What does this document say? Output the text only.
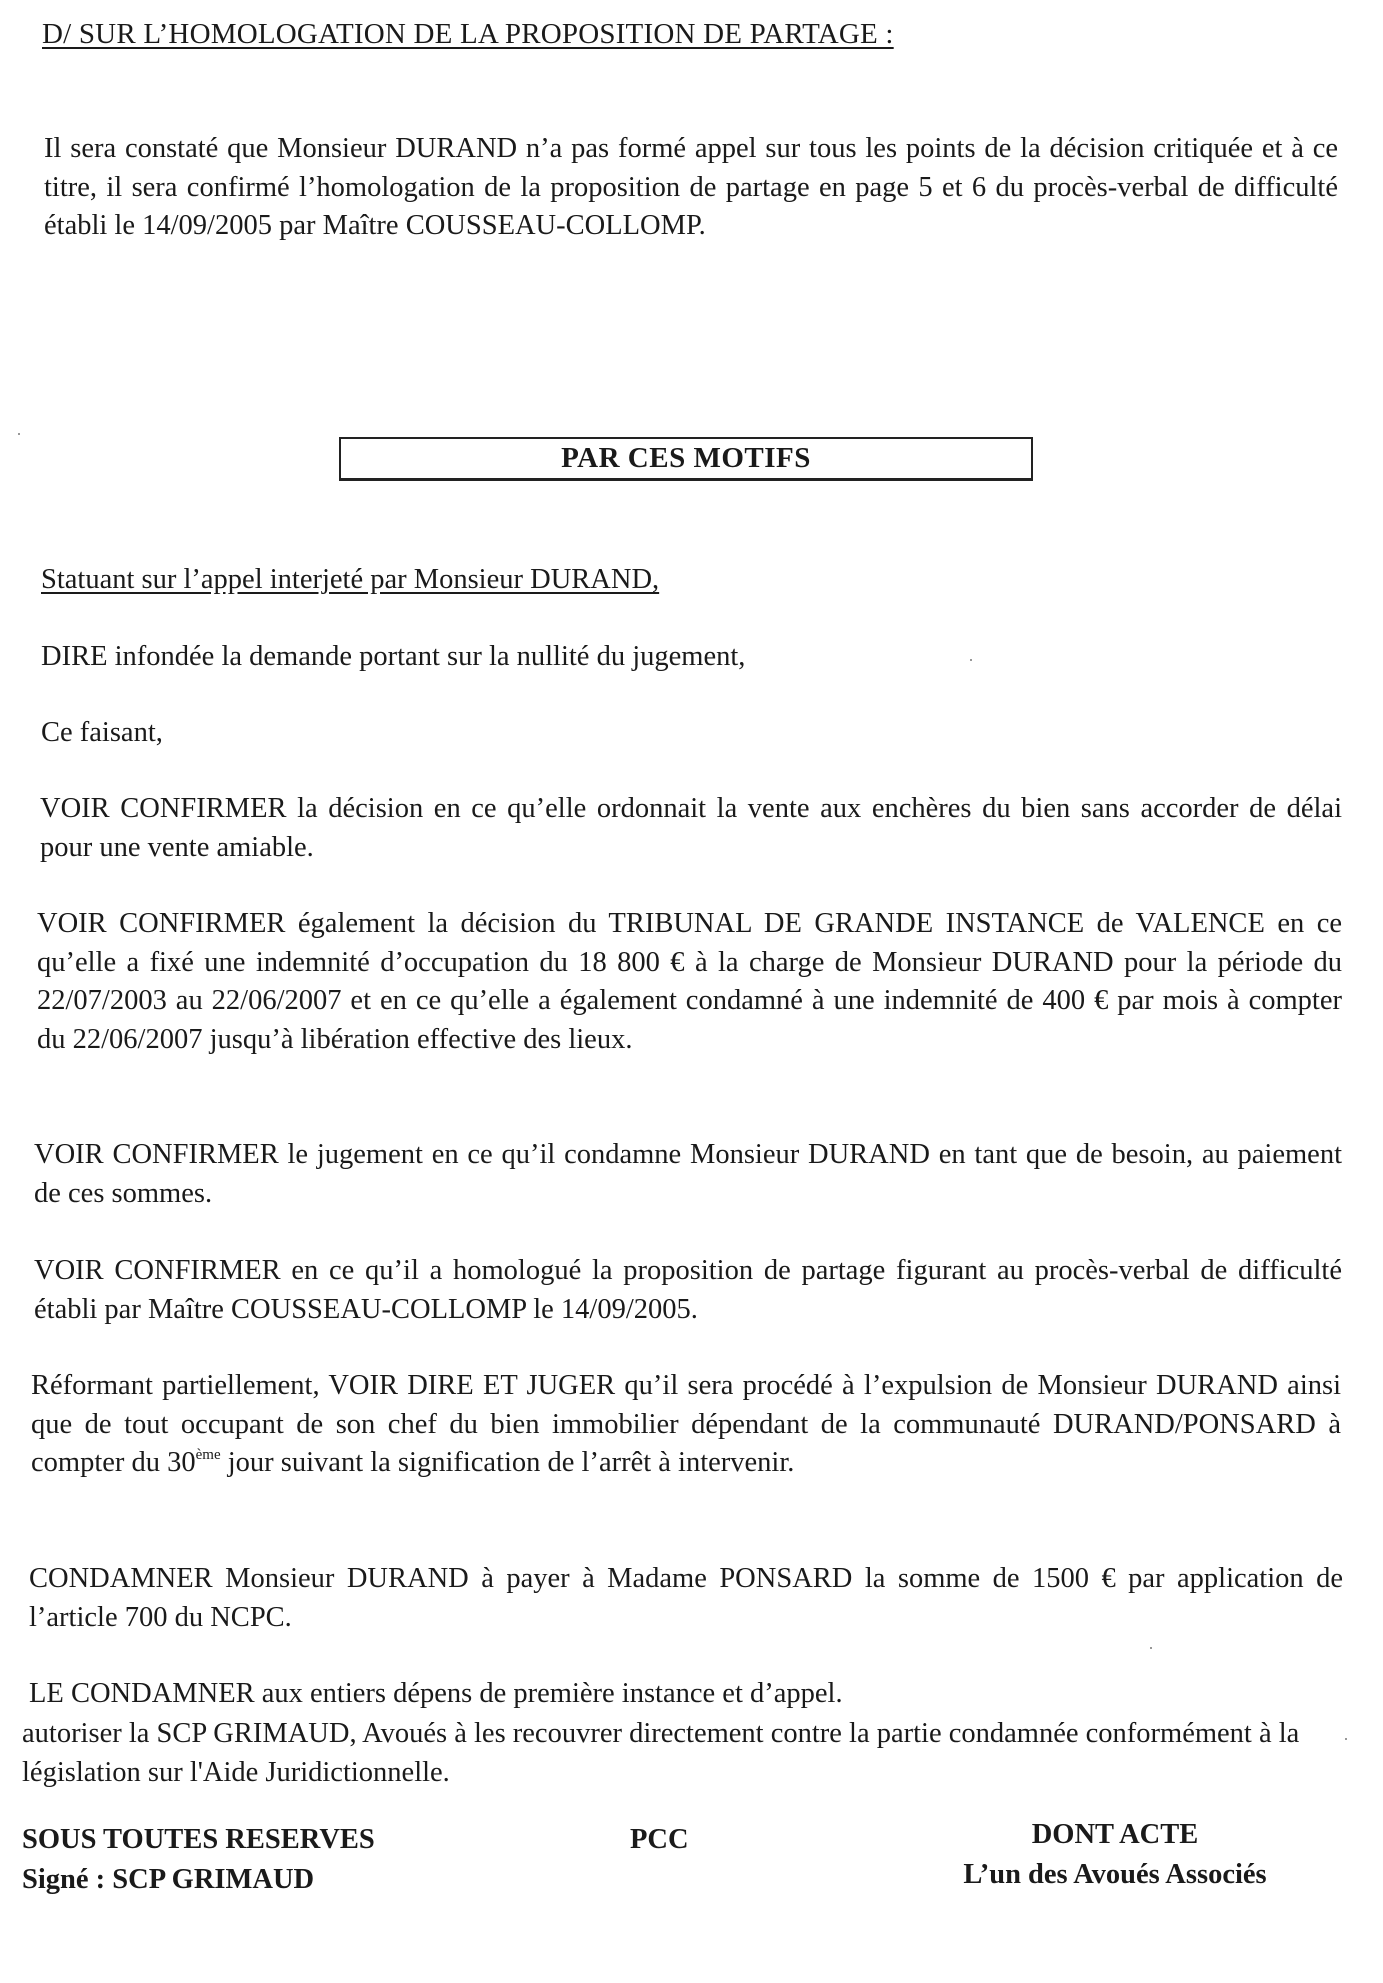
D/ SUR L’HOMOLOGATION DE LA PROPOSITION DE PARTAGE :

Il sera constaté que Monsieur DURAND n’a pas formé appel sur tous les points de la décision critiquée et à ce titre, il sera confirmé l’homologation de la proposition de partage en page 5 et 6 du procès-verbal de difficulté établi le 14/09/2005 par Maître COUSSEAU-COLLOMP.

PAR CES MOTIFS

Statuant sur l’appel interjeté par Monsieur DURAND,

DIRE infondée la demande portant sur la nullité du jugement,

Ce faisant,

VOIR CONFIRMER la décision en ce qu’elle ordonnait la vente aux enchères du bien sans accorder de délai pour une vente amiable.

VOIR CONFIRMER également la décision du TRIBUNAL DE GRANDE INSTANCE de VALENCE en ce qu’elle a fixé une indemnité d’occupation du 18 800 € à la charge de Monsieur DURAND pour la période du 22/07/2003 au 22/06/2007 et en ce qu’elle a également condamné à une indemnité de 400 € par mois à compter du 22/06/2007 jusqu’à libération effective des lieux.

VOIR CONFIRMER le jugement en ce qu’il condamne Monsieur DURAND en tant que de besoin, au paiement de ces sommes.

VOIR CONFIRMER en ce qu’il a homologué la proposition de partage figurant au procès-verbal de difficulté établi par Maître COUSSEAU-COLLOMP le 14/09/2005.

Réformant partiellement, VOIR DIRE ET JUGER qu’il sera procédé à l’expulsion de Monsieur DURAND ainsi que de tout occupant de son chef du bien immobilier dépendant de la communauté DURAND/PONSARD à compter du 30ème jour suivant la signification de l’arrêt à intervenir.

CONDAMNER Monsieur DURAND à payer à Madame PONSARD la somme de 1500 € par application de l’article 700 du NCPC.

LE CONDAMNER aux entiers dépens de première instance et d’appel.

autoriser la SCP GRIMAUD, Avoués à les recouvrer directement contre la partie condamnée conformément à la législation sur l'Aide Juridictionnelle.

SOUS TOUTES RESERVES
Signé : SCP GRIMAUD
PCC	DONT ACTE
L’un des Avoués Associés
